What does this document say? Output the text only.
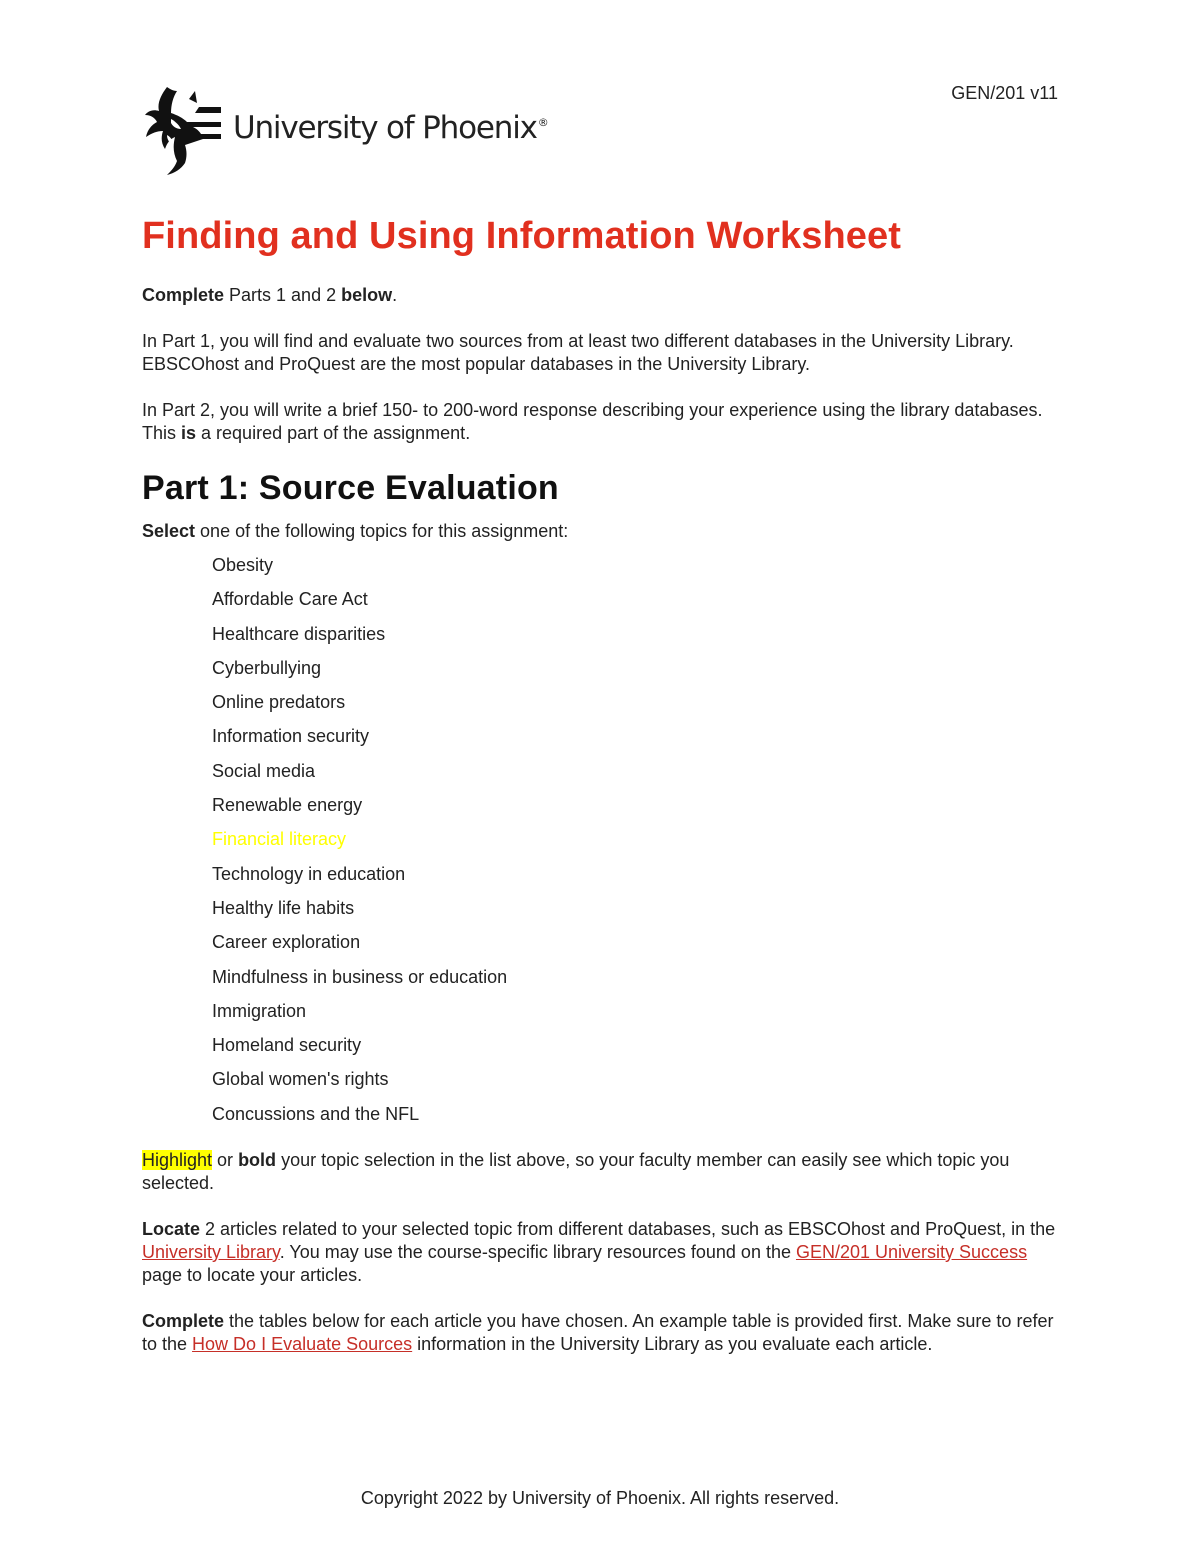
GEN/201 v11
University of Phoenix®
Finding and Using Information Worksheet

Complete Parts 1 and 2 below.

In Part 1, you will find and evaluate two sources from at least two different databases in the University Library. EBSCOhost and ProQuest are the most popular databases in the University Library.

In Part 2, you will write a brief 150- to 200-word response describing your experience using the library databases. This is a required part of the assignment.

Part 1: Source Evaluation

Select one of the following topics for this assignment:

Obesity
Affordable Care Act
Healthcare disparities
Cyberbullying
Online predators
Information security
Social media
Renewable energy
Financial literacy
Technology in education
Healthy life habits
Career exploration
Mindfulness in business or education
Immigration
Homeland security
Global women's rights
Concussions and the NFL

Highlight or bold your topic selection in the list above, so your faculty member can easily see which topic you selected.

Locate 2 articles related to your selected topic from different databases, such as EBSCOhost and ProQuest, in the University Library. You may use the course-specific library resources found on the GEN/201 University Success page to locate your articles.

Complete the tables below for each article you have chosen. An example table is provided first. Make sure to refer to the How Do I Evaluate Sources information in the University Library as you evaluate each article.

Copyright 2022 by University of Phoenix. All rights reserved.
